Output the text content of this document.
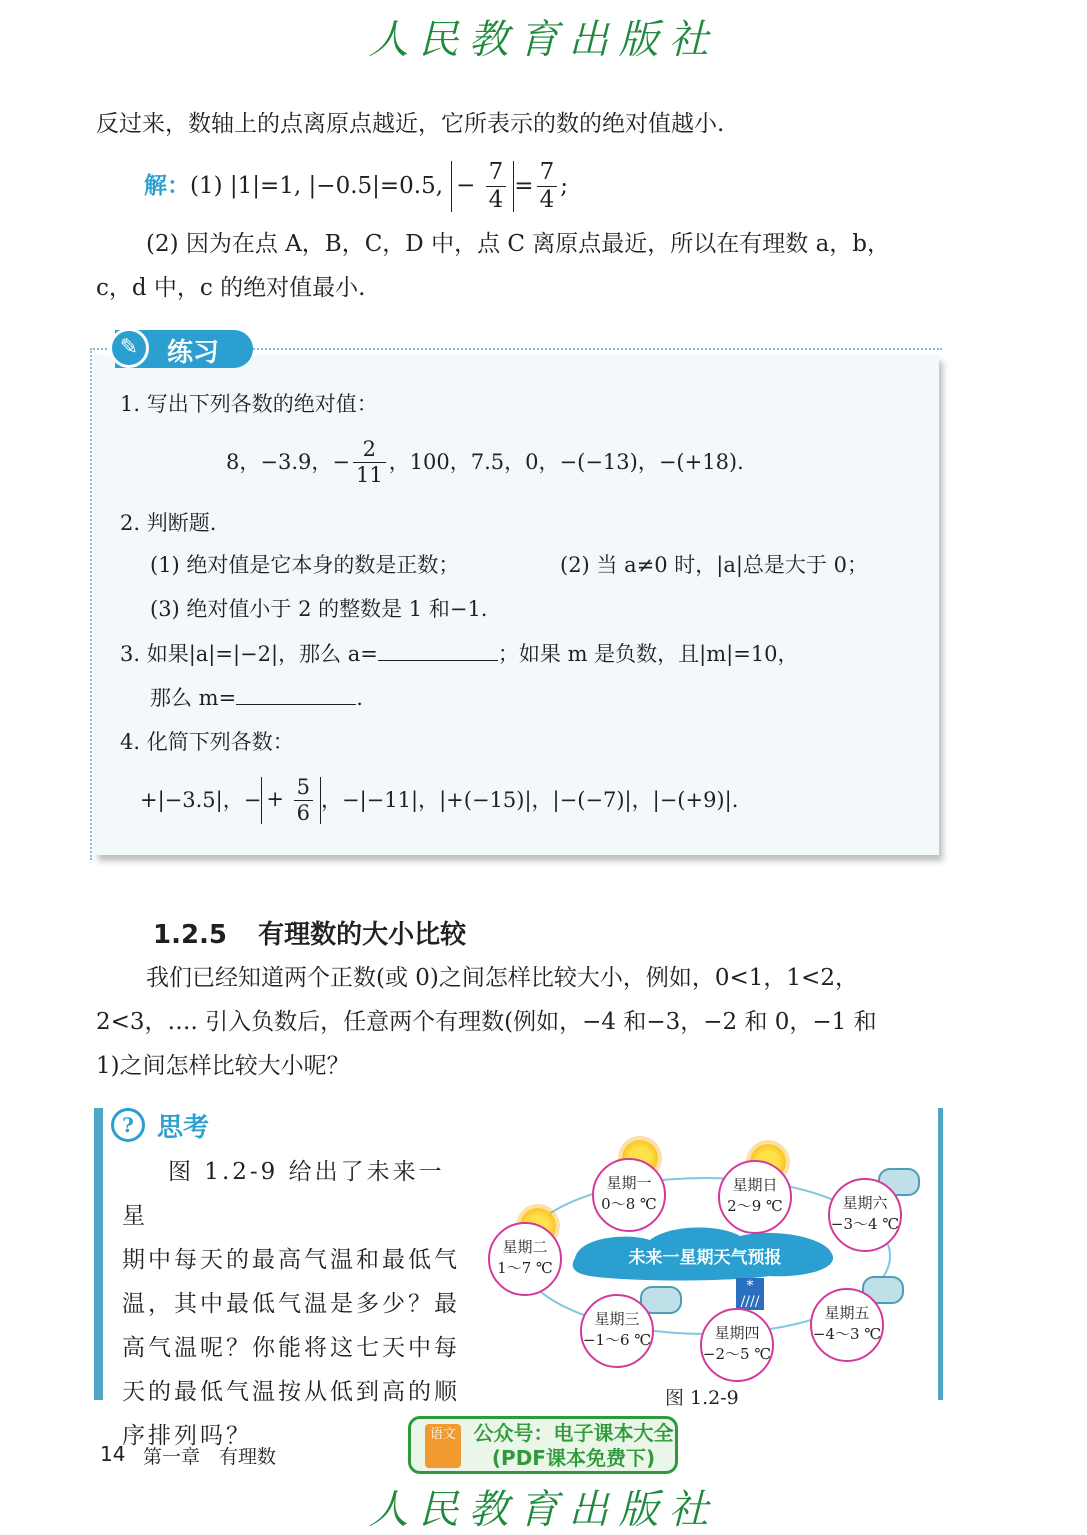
人民教育出版社
反过来，数轴上的点离原点越近，它所表示的数的绝对值越小.
解： (1) |1|=1, |−0.5|=0.5, − $\frac{7}{4} = \frac{7}{4}$ ;
(2) 因为在点 A，B，C，D 中，点 C 离原点最近，所以在有理数 a，b，
c，d 中，c 的绝对值最小.
✎	练习
1. 写出下列各数的绝对值：
8，−3.9，− $\frac{2}{11}$ ，100，7.5，0，−(−13)，−(+18).
2. 判断题.
(1) 绝对值是它本身的数是正数；	(2) 当 a≠0 时，|a|总是大于 0；
(3) 绝对值小于 2 的整数是 1 和−1.
3. 如果|a|=|−2|，那么 a=	；如果 m 是负数，且|m|=10，
那么 m=	.
4. 化简下列各数：
+|−3.5|，− + $\frac{5}{6}$ ，−|−11|，|+(−15)|，|−(−7)|，|−(+9)|.
1.2.5 有理数的大小比较
我们已经知道两个正数(或 0)之间怎样比较大小，例如，0<1，1<2，
2<3，…. 引入负数后，任意两个有理数(例如，−4 和−3，−2 和 0，−1 和
1)之间怎样比较大小呢？
? 思考
图 1.2-9 给出了未来一星
期中每天的最高气温和最低气
温，其中最低气温是多少？最
高气温呢？你能将这七天中每
天的最低气温按从低到高的顺
序排列吗？
未来一星期天气预报
星期一
0～8 ℃
星期二
1～7 ℃
星期三
−1～6 ℃
*
////
星期四
−2～5 ℃
星期五
−4～3 ℃
星期六
−3～4 ℃
星期日
2～9 ℃
图 1.2-9
14 第一章　有理数
语文 公众号：电子课本大全
(PDF课本免费下)
人民教育出版社
